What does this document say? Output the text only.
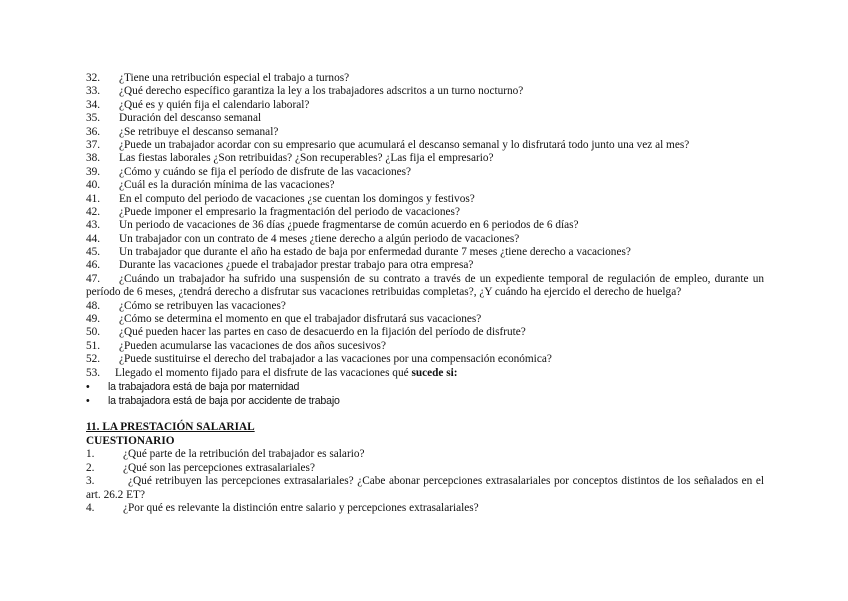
32. ¿Tiene una retribución especial el trabajo a turnos?
33. ¿Qué derecho específico garantiza la ley a los trabajadores adscritos a un turno nocturno?
34. ¿Qué es y quién fija el calendario laboral?
35. Duración del descanso semanal
36. ¿Se retribuye el descanso semanal?
37. ¿Puede un trabajador acordar con su empresario que acumulará el descanso semanal y lo disfrutará todo junto una vez al mes?
38. Las fiestas laborales ¿Son retribuidas? ¿Son recuperables? ¿Las fija el empresario?
39. ¿Cómo y cuándo se fija el período de disfrute de las vacaciones?
40. ¿Cuál es la duración mínima de las vacaciones?
41. En el computo del periodo de vacaciones ¿se cuentan los domingos y festivos?
42. ¿Puede imponer el empresario la fragmentación del periodo de vacaciones?
43. Un periodo de vacaciones de 36 días ¿puede fragmentarse de común acuerdo en 6 periodos de 6 días?
44. Un trabajador con un contrato de 4 meses ¿tiene derecho a algún periodo de vacaciones?
45. Un trabajador que durante el año ha estado de baja por enfermedad durante 7 meses ¿tiene derecho a vacaciones?
46. Durante las vacaciones ¿puede el trabajador prestar trabajo para otra empresa?
47.	¿Cuándo un trabajador ha sufrido una suspensión de su contrato a través de un expediente temporal de regulación de empleo, durante un período de 6 meses, ¿tendrá derecho a disfrutar sus vacaciones retribuidas completas?, ¿Y cuándo ha ejercido el derecho de huelga?
48. ¿Cómo se retribuyen las vacaciones?
49. ¿Cómo se determina el momento en que el trabajador disfrutará sus vacaciones?
50. ¿Qué pueden hacer las partes en caso de desacuerdo en la fijación del período de disfrute?
51. ¿Pueden acumularse las vacaciones de dos años sucesivos?
52. ¿Puede sustituirse el derecho del trabajador a las vacaciones por una compensación económica?
53. Llegado el momento fijado para el disfrute de las vacaciones qué sucede si:
• la trabajadora está de baja por maternidad
• la trabajadora está de baja por accidente de trabajo
11. LA PRESTACIÓN SALARIAL
CUESTIONARIO
1.	¿Qué parte de la retribución del trabajador es salario?
2.	¿Qué son las percepciones extrasalariales?
3.	¿Qué retribuyen las percepciones extrasalariales? ¿Cabe abonar percepciones extrasalariales por conceptos distintos de los señalados en el art. 26.2 ET?
4.	¿Por qué es relevante la distinción entre salario y percepciones extrasalariales?
